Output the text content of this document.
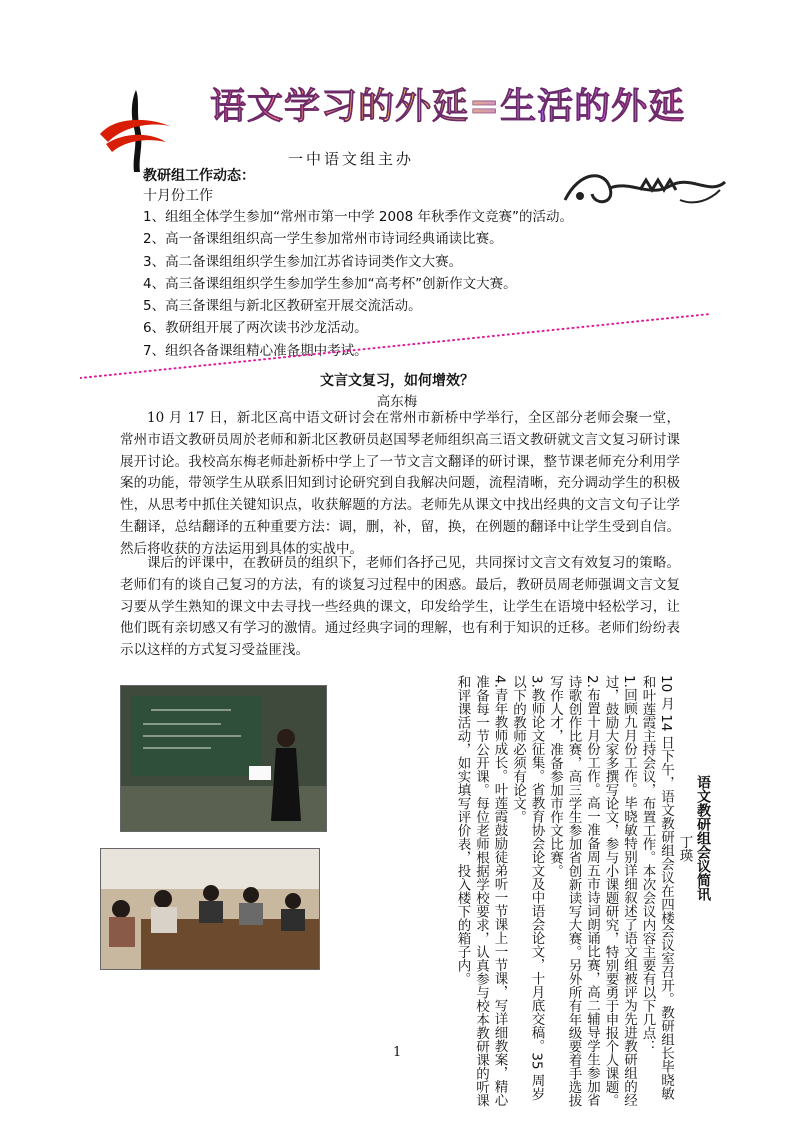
语文学习的外延=生活的外延
一中语文组主办
教研组工作动态：
十月份工作
1、组组全体学生参加“常州市第一中学 2008 年秋季作文竞赛”的活动。
2、高一备课组组织高一学生参加常州市诗词经典诵读比赛。
3、高二备课组组织学生参加江苏省诗词类作文大赛。
4、高三备课组组织学生参加学生参加“高考杯”创新作文大赛。
5、高三备课组与新北区教研室开展交流活动。
6、教研组开展了两次读书沙龙活动。
7、组织各备课组精心准备期中考试。
文言文复习，如何增效？
高东梅

10 月 17 日，新北区高中语文研讨会在常州市新桥中学举行，全区部分老师会聚一堂，常州市语文教研员周於老师和新北区教研员赵国琴老师组织高三语文教研就文言文复习研讨课展开讨论。我校高东梅老师赴新桥中学上了一节文言文翻译的研讨课，整节课老师充分利用学案的功能，带领学生从联系旧知到讨论研究到自我解决问题，流程清晰，充分调动学生的积极性，从思考中抓住关键知识点，收获解题的方法。老师先从课文中找出经典的文言文句子让学生翻译，总结翻译的五种重要方法：调，删，补，留，换，在例题的翻译中让学生受到自信。然后将收获的方法运用到具体的实战中。

课后的评课中，在教研员的组织下，老师们各抒己见，共同探讨文言文有效复习的策略。老师们有的谈自己复习的方法，有的谈复习过程中的困惑。最后，教研员周老师强调文言文复习要从学生熟知的课文中去寻找一些经典的课文，印发给学生，让学生在语境中轻松学习，让他们既有亲切感又有学习的激情。通过经典字词的理解，也有利于知识的迁移。老师们纷纷表示以这样的方式复习受益匪浅。

语文教研组会议简讯

丁瑛

10 月 14 日下午，语文教研组会议在四楼会议室召开。教研组长毕晓敏和叶莲霞主持会议，布置工作。本次会议内容主要有以下几点：

1.回顾九月份工作。毕晓敏特别详细叙述了语文组被评为先进教研组的经过，鼓励大家多撰写论文，参与小课题研究，特别要勇于申报个人课题。

2.布置十月份工作。高一准备周五市诗词朗诵比赛，高二辅导学生参加省诗歌创作比赛，高三学生参加省创新读写大赛。另外所有年级要着手选拔写作人才，准备参加市作文比赛。

3.教师论文征集。省教育协会论文及中语会论文，十月底交稿。35 周岁以下的教师必须有论文。

4.青年教师成长。叶莲霞鼓励徒弟听一节课上一节课，写详细教案，精心准备每一节公开课。每位老师根据学校要求，认真参与校本教研课的听课和评课活动，如实填写评价表，投入楼下的箱子内。

1
